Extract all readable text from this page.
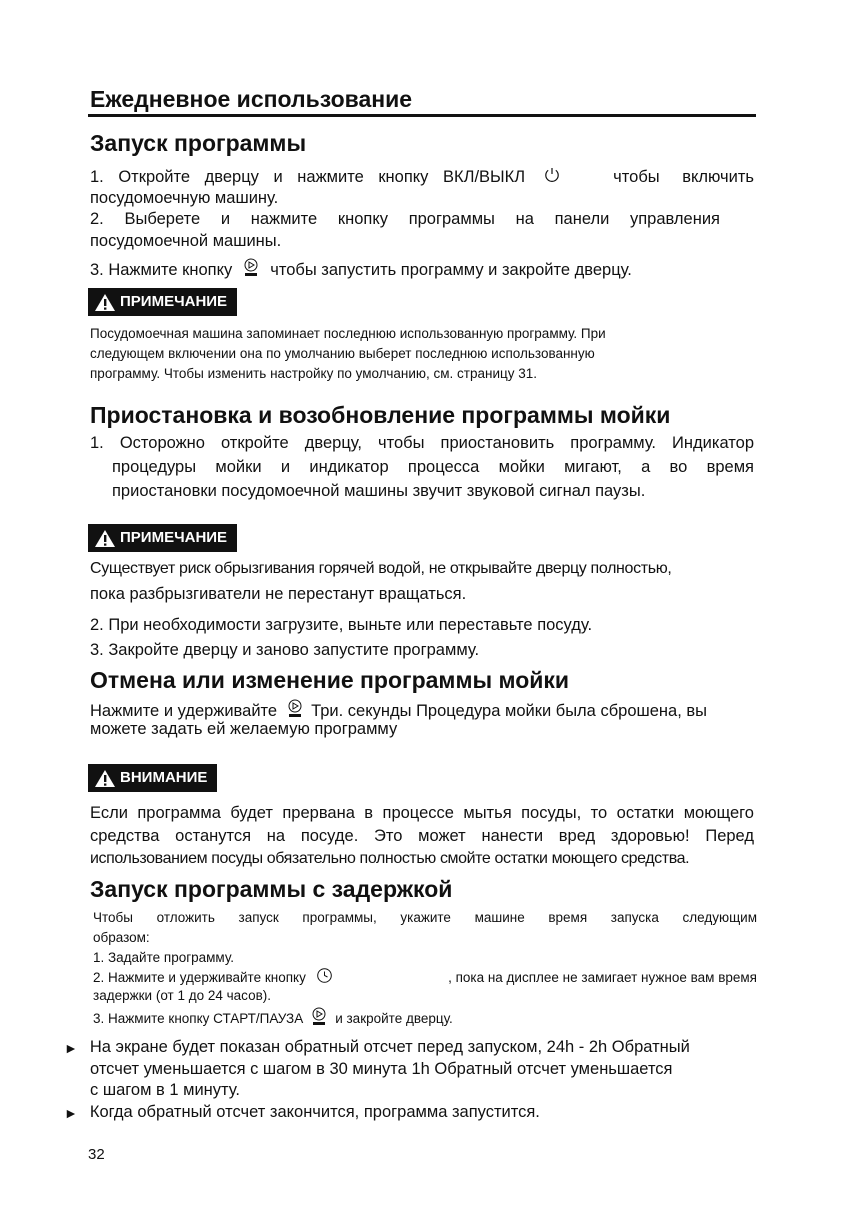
Ежедневное использование
Запуск программы
1. Откройте дверцу и нажмите кнопку ВКЛ/ВЫКЛ	чтобы включить
посудомоечную машину.
2. Выберете и нажмите кнопку программы на панели управления
посудомоечной машины.
3. Нажмите кнопку чтобы запустить программу и закройте дверцу.
ПРИМЕЧАНИЕ
Посудомоечная машина запоминает последнюю использованную программу. При
следующем включении она по умолчанию выберет последнюю использованную
программу. Чтобы изменить настройку по умолчанию, см. страницу 31.
Приостановка и возобновление программы мойки
1. Осторожно откройте дверцу, чтобы приостановить программу. Индикатор
процедуры мойки и индикатор процесса мойки мигают, а во время
приостановки посудомоечной машины звучит звуковой сигнал паузы.
ПРИМЕЧАНИЕ
Существует риск обрызгивания горячей водой, не открывайте дверцу полностью,
пока разбрызгиватели не перестанут вращаться.
2. При необходимости загрузите, выньте или переставьте посуду.
3. Закройте дверцу и заново запустите программу.
Отмена или изменение программы мойки
Нажмите и удерживайте Три. секунды Процедура мойки была сброшена, вы
можете задать ей желаемую программу
ВНИМАНИЕ
Если программа будет прервана в процессе мытья посуды, то остатки моющего
средства останутся на посуде. Это может нанести вред здоровью! Перед
использованием посуды обязательно полностью смойте остатки моющего средства.
Запуск программы с задержкой
Чтобы отложить запуск программы, укажите машине время запуска следующим
образом:
1. Задайте программу.
2. Нажмите и удерживайте кнопку	, пока на дисплее не замигает нужное вам время
задержки (от 1 до 24 часов).
3. Нажмите кнопку СТАРТ/ПАУЗА и закройте дверцу.
► На экране будет показан обратный отсчет перед запуском, 24h - 2h Обратный
отсчет уменьшается с шагом в 30 минута 1h Обратный отсчет уменьшается
с шагом в 1 минуту.
► Когда обратный отсчет закончится, программа запустится.
32
